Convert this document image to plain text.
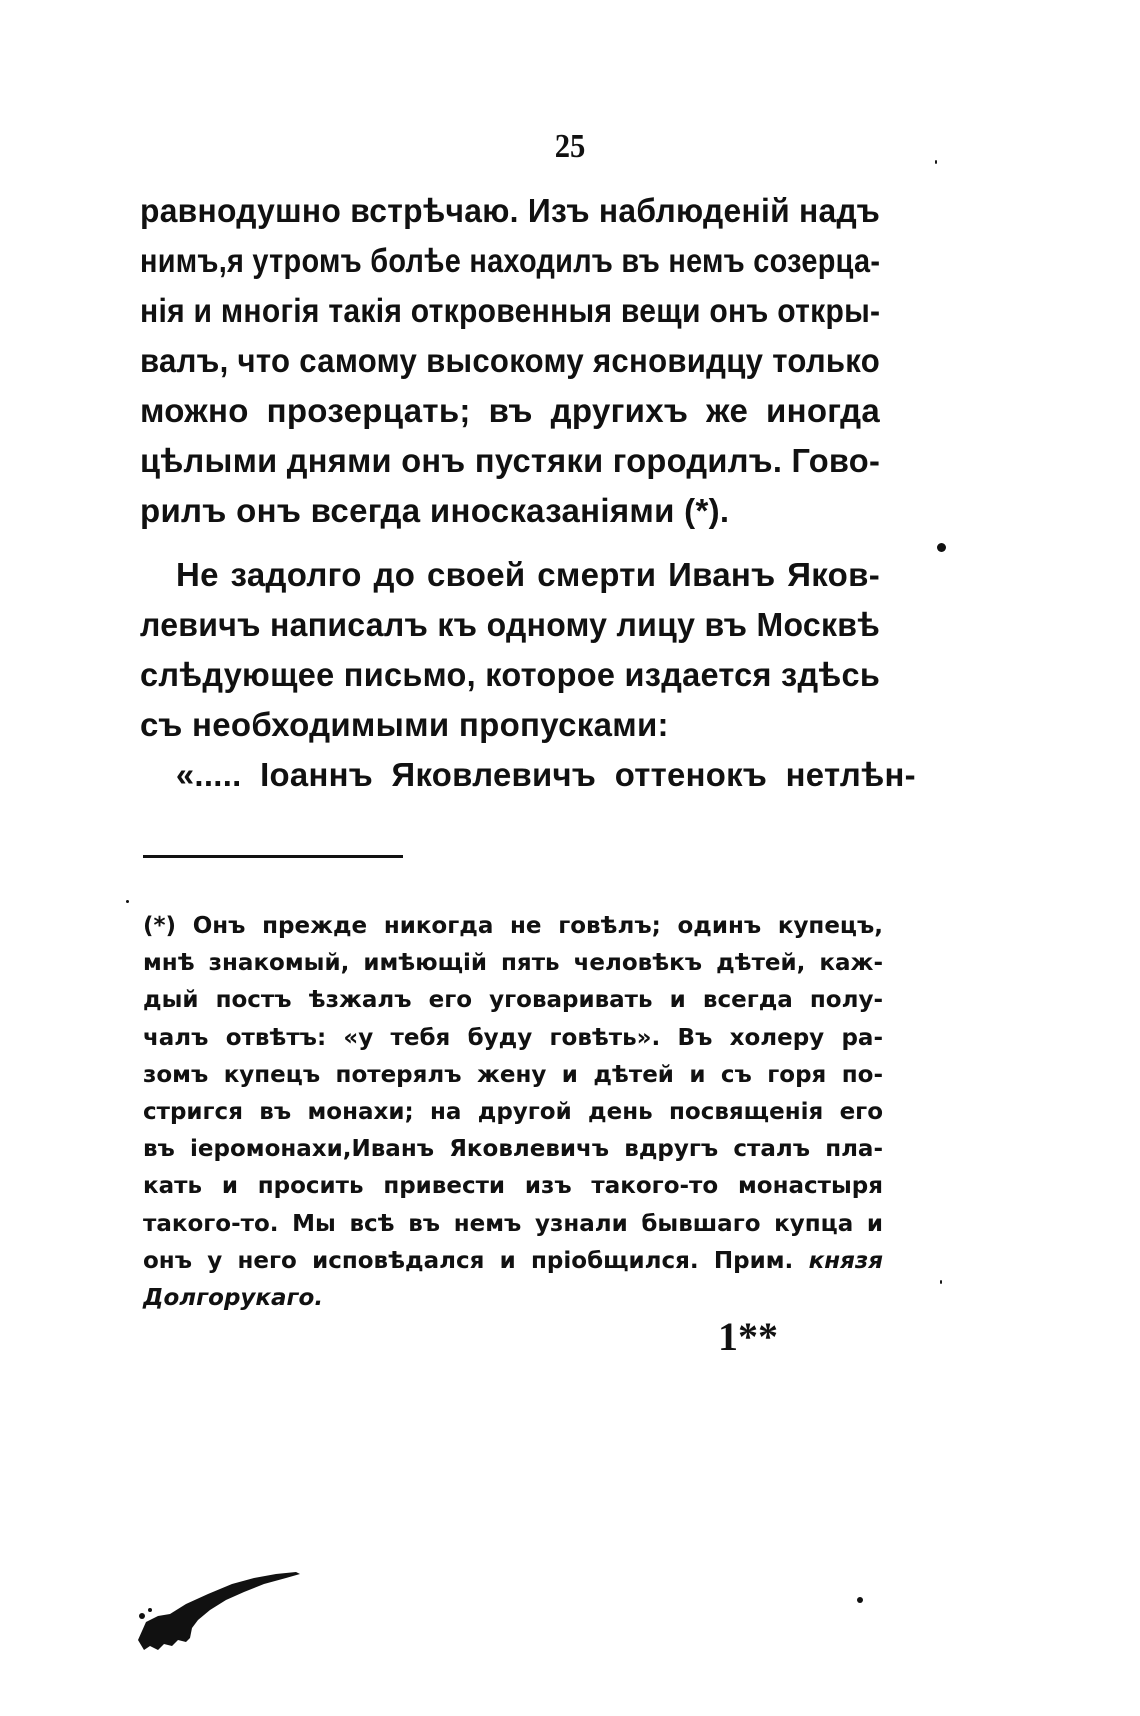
25
равнодушно встрѣчаю. Изъ наблюденій надъ
нимъ,я утромъ болѣе находилъ въ немъ созерца-
нія и многія такія откровенныя вещи онъ откры-
валъ, что самому высокому ясновидцу только
можно прозерцать; въ другихъ же иногда
цѣлыми днями онъ пустяки городилъ. Гово-
рилъ онъ всегда иносказаніями (*).
Не задолго до своей смерти Иванъ Яков-
левичъ написалъ къ одному лицу въ Москвѣ
слѣдующее письмо, которое издается здѣсь
съ необходимыми пропусками:
«..... Іоаннъ Яковлевичъ оттенокъ нетлѣн-
(*) Онъ прежде никогда не говѣлъ; одинъ купецъ,
мнѣ знакомый, имѣющій пять человѣкъ дѣтей, каж-
дый постъ ѣзжалъ его уговаривать и всегда полу-
чалъ отвѣтъ: «у тебя буду говѣть». Въ холеру ра-
зомъ купецъ потерялъ жену и дѣтей и съ горя по-
стригся въ монахи; на другой день посвященія его
въ іеромонахи,Иванъ Яковлевичъ вдругъ сталъ пла-
кать и просить привести изъ такого-то монастыря
такого-то. Мы всѣ въ немъ узнали бывшаго купца и
онъ у него исповѣдался и пріобщился. Прим. князя
Долгорукаго.
1**
